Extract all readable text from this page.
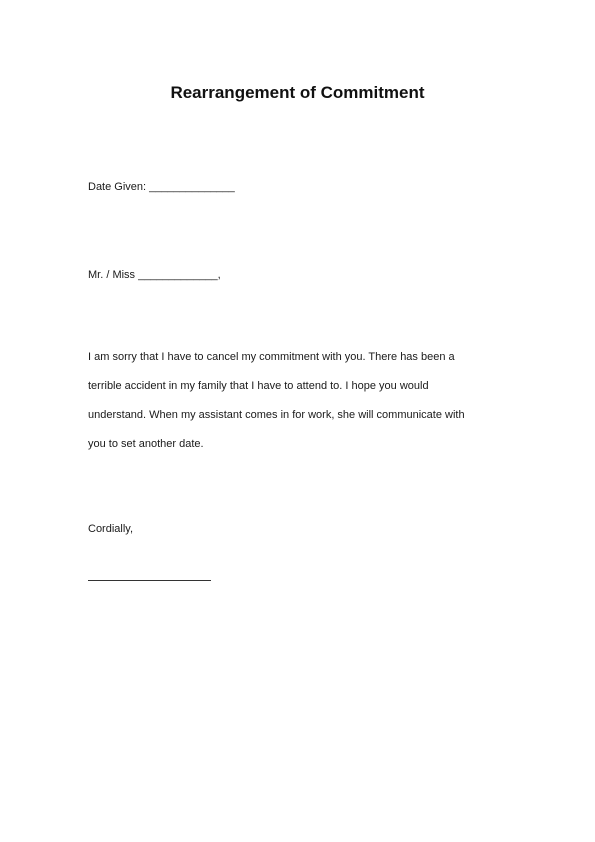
Rearrangement of Commitment
Date Given: ______________
Mr. / Miss _____________,
I am sorry that I have to cancel my commitment with you. There has been a
terrible accident in my family that I have to attend to. I hope you would
understand. When my assistant comes in for work, she will communicate with
you to set another date.
Cordially,
